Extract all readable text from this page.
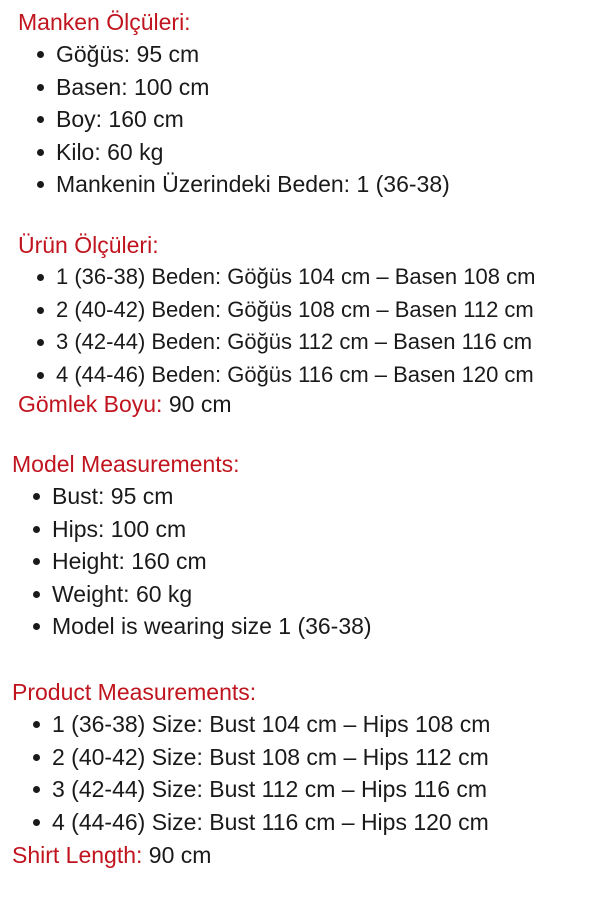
Manken Ölçüleri:
Göğüs: 95 cm
Basen: 100 cm
Boy: 160 cm
Kilo: 60 kg
Mankenin Üzerindeki Beden: 1 (36-38)
Ürün Ölçüleri:
1 (36-38) Beden: Göğüs 104 cm – Basen 108 cm
2 (40-42) Beden: Göğüs 108 cm – Basen 112 cm
3 (42-44) Beden: Göğüs 112 cm – Basen 116 cm
4 (44-46) Beden: Göğüs 116 cm – Basen 120 cm
Gömlek Boyu: 90 cm
Model Measurements:
Bust: 95 cm
Hips: 100 cm
Height: 160 cm
Weight: 60 kg
Model is wearing size 1 (36-38)
Product Measurements:
1 (36-38) Size: Bust 104 cm – Hips 108 cm
2 (40-42) Size: Bust 108 cm – Hips 112 cm
3 (42-44) Size: Bust 112 cm – Hips 116 cm
4 (44-46) Size: Bust 116 cm – Hips 120 cm
Shirt Length: 90 cm
